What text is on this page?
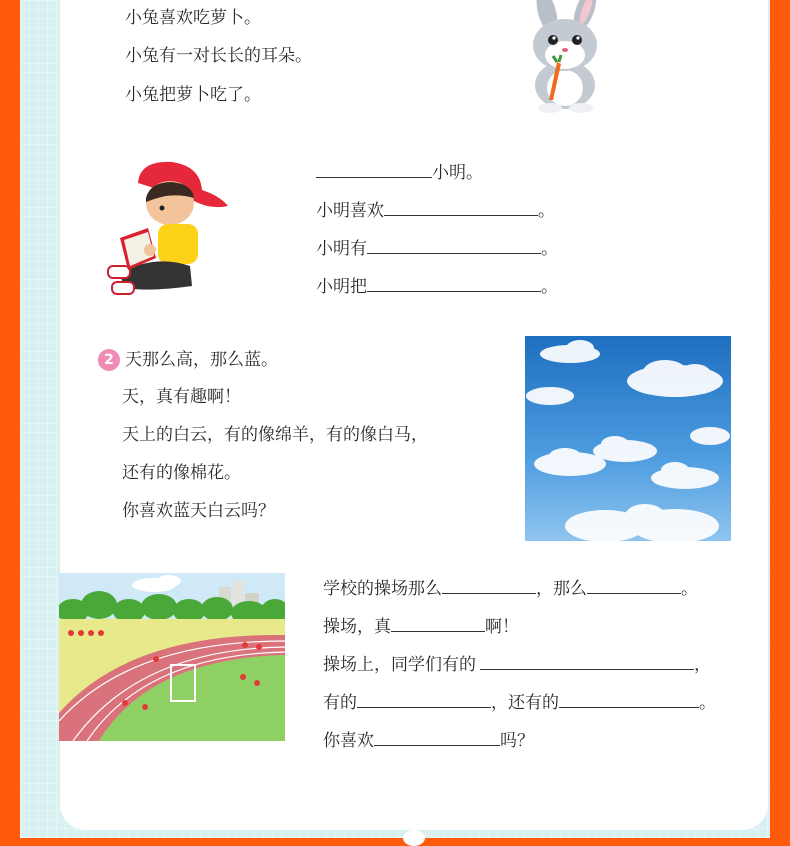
小兔喜欢吃萝卜。
小兔有一对长长的耳朵。
小兔把萝卜吃了。
小明。
小明喜欢	。
小明有	。
小明把	。
2 天那么高，那么蓝。
天，真有趣啊！
天上的白云，有的像绵羊，有的像白马，
还有的像棉花。
你喜欢蓝天白云吗？
学校的操场那么	，那么	。
操场，真	啊！
操场上，同学们有的	，
有的	，还有的	。
你喜欢	吗？
